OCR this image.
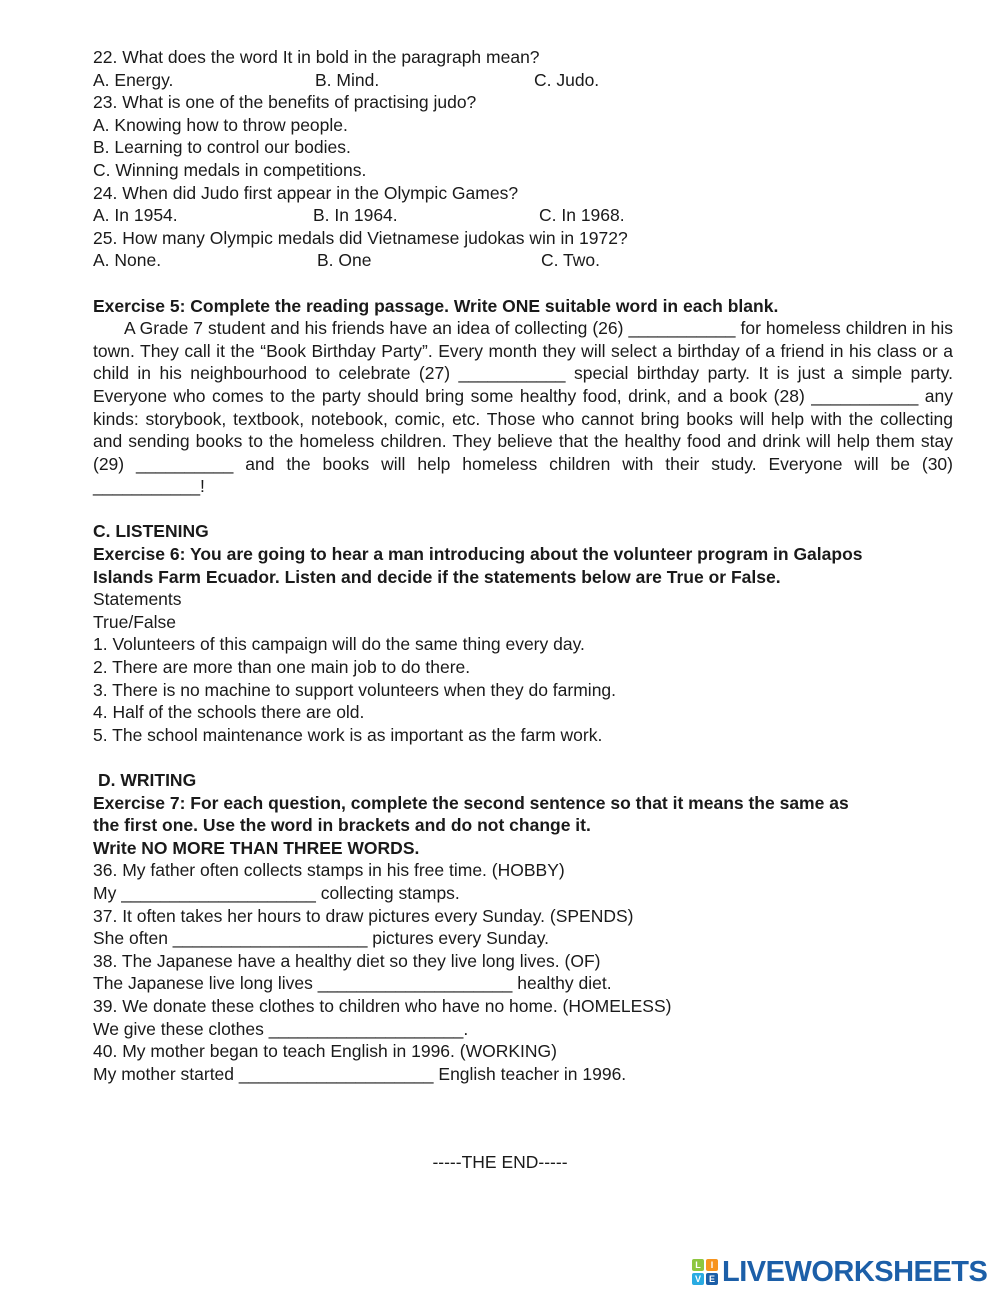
22. What does the word It in bold in the paragraph mean?
A. Energy.	B. Mind.	C. Judo.
23. What is one of the benefits of practising judo?
A. Knowing how to throw people.
B. Learning to control our bodies.
C. Winning medals in competitions.
24. When did Judo first appear in the Olympic Games?
A. In 1954.	B. In 1964.	C. In 1968.
25. How many Olympic medals did Vietnamese judokas win in 1972?
A. None.	B. One	C. Two.
Exercise 5: Complete the reading passage. Write ONE suitable word in each blank.
A Grade 7 student and his friends have an idea of collecting (26) ___________ for homeless children in his town. They call it the “Book Birthday Party”. Every month they will select a birthday of a friend in his class or a child in his neighbourhood to celebrate (27) ___________ special birthday party. It is just a simple party. Everyone who comes to the party should bring some healthy food, drink, and a book (28) ___________ any kinds: storybook, textbook, notebook, comic, etc. Those who cannot bring books will help with the collecting and sending books to the homeless children. They believe that the healthy food and drink will help them stay (29) __________ and the books will help homeless children with their study. Everyone will be (30) ___________!
C. LISTENING
Exercise 6: You are going to hear a man introducing about the volunteer program in Galapos
Islands Farm Ecuador. Listen and decide if the statements below are True or False.
Statements
True/False
1. Volunteers of this campaign will do the same thing every day.
2. There are more than one main job to do there.
3. There is no machine to support volunteers when they do farming.
4. Half of the schools there are old.
5. The school maintenance work is as important as the farm work.
D. WRITING
Exercise 7: For each question, complete the second sentence so that it means the same as
the first one. Use the word in brackets and do not change it.
Write NO MORE THAN THREE WORDS.
36. My father often collects stamps in his free time. (HOBBY)
My ____________________ collecting stamps.
37. It often takes her hours to draw pictures every Sunday. (SPENDS)
She often ____________________ pictures every Sunday.
38. The Japanese have a healthy diet so they live long lives. (OF)
The Japanese live long lives ____________________ healthy diet.
39. We donate these clothes to children who have no home. (HOMELESS)
We give these clothes ____________________.
40. My mother began to teach English in 1996. (WORKING)
My mother started ____________________ English teacher in 1996.
-----THE END-----
L	I
V E LIVEWORKSHEETS
